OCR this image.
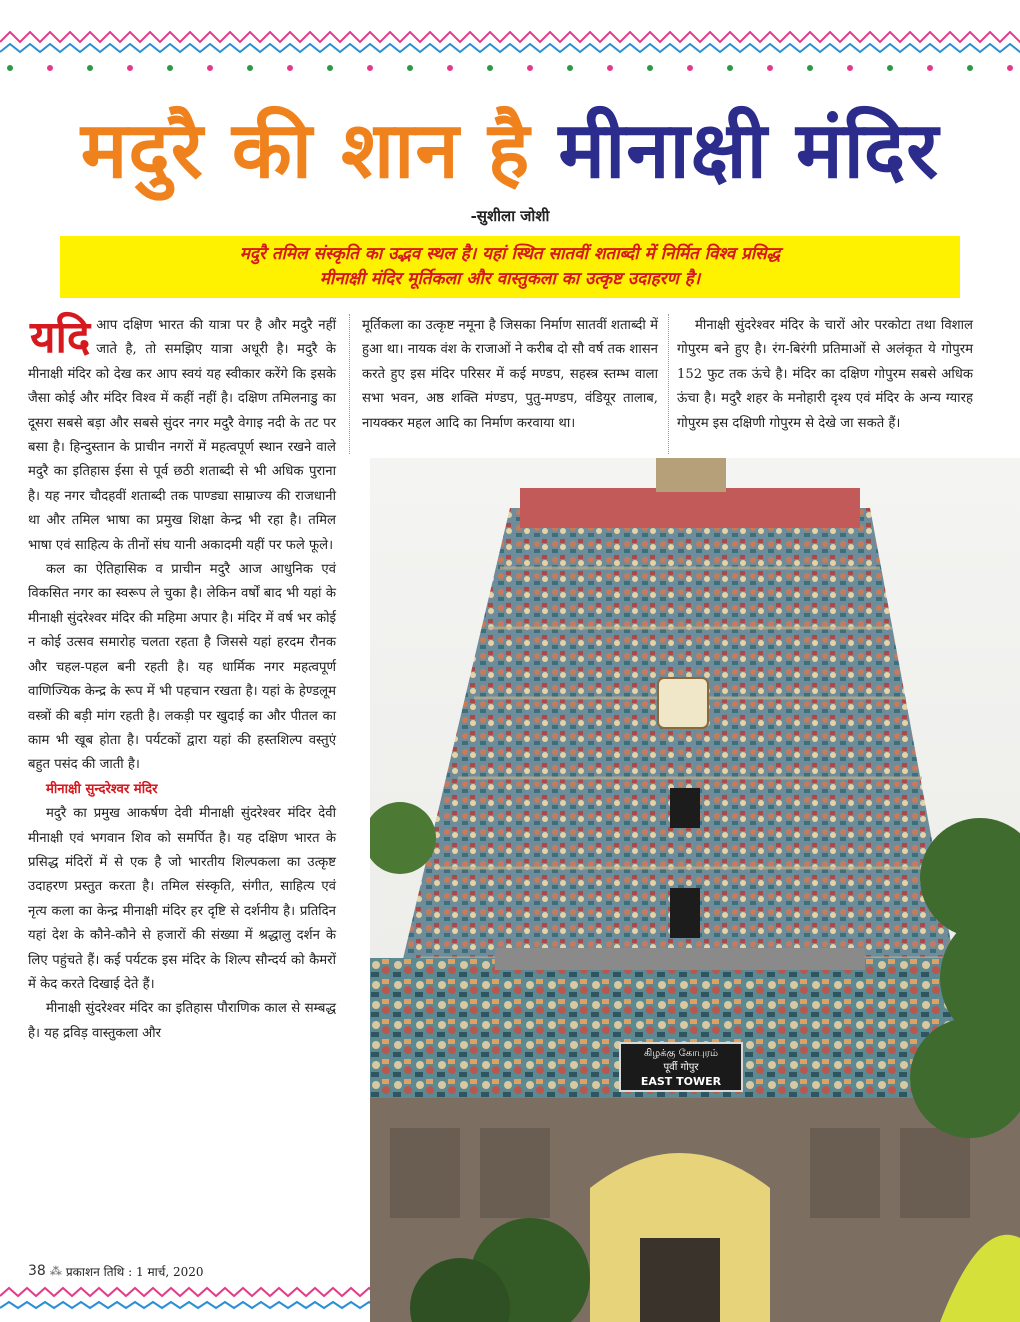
मदुरै की शान है मीनाक्षी मंदिर
-सुशीला जोशी
मदुरै तमिल संस्कृति का उद्भव स्थल है। यहां स्थित सातवीं शताब्दी में निर्मित विश्व प्रसिद्ध
मीनाक्षी मंदिर मूर्तिकला और वास्तुकला का उत्कृष्ट उदाहरण है।

यदि आप दक्षिण भारत की यात्रा पर है और मदुरै नहीं जाते है, तो समझिए यात्रा अधूरी है। मदुरै के मीनाक्षी मंदिर को देख कर आप स्वयं यह स्वीकार करेंगे कि इसके जैसा कोई और मंदिर विश्व में कहीं नहीं है। दक्षिण तमिलनाडु का दूसरा सबसे बड़ा और सबसे सुंदर नगर मदुरै वेगाइ नदी के तट पर बसा है। हिन्दुस्तान के प्राचीन नगरों में महत्वपूर्ण स्थान रखने वाले मदुरै का इतिहास ईसा से पूर्व छठी शताब्दी से भी अधिक पुराना है। यह नगर चौदहवीं शताब्दी तक पाण्ड्या साम्राज्य की राजधानी था और तमिल भाषा का प्रमुख शिक्षा केन्द्र भी रहा है। तमिल भाषा एवं साहित्य के तीनों संघ यानी अकादमी यहीं पर फले फूले।

कल का ऐतिहासिक व प्राचीन मदुरै आज आधुनिक एवं विकसित नगर का स्वरूप ले चुका है। लेकिन वर्षों बाद भी यहां के मीनाक्षी सुंदरेश्वर मंदिर की महिमा अपार है। मंदिर में वर्ष भर कोई न कोई उत्सव समारोह चलता रहता है जिससे यहां हरदम रौनक और चहल-पहल बनी रहती है। यह धार्मिक नगर महत्वपूर्ण वाणिज्यिक केन्द्र के रूप में भी पहचान रखता है। यहां के हेण्डलूम वस्त्रों की बड़ी मांग रहती है। लकड़ी पर खुदाई का और पीतल का काम भी खूब होता है। पर्यटकों द्वारा यहां की हस्तशिल्प वस्तुएं बहुत पसंद की जाती है।

मीनाक्षी सुन्दरेश्वर मंदिर

मदुरै का प्रमुख आकर्षण देवी मीनाक्षी सुंदरेश्वर मंदिर देवी मीनाक्षी एवं भगवान शिव को समर्पित है। यह दक्षिण भारत के प्रसिद्ध मंदिरों में से एक है जो भारतीय शिल्पकला का उत्कृष्ट उदाहरण प्रस्तुत करता है। तमिल संस्कृति, संगीत, साहित्य एवं नृत्य कला का केन्द्र मीनाक्षी मंदिर हर दृष्टि से दर्शनीय है। प्रतिदिन यहां देश के कौने-कौने से हजारों की संख्या में श्रद्धालु दर्शन के लिए पहुंचते हैं। कई पर्यटक इस मंदिर के शिल्प सौन्दर्य को कैमरों में केद करते दिखाई देते हैं।

मीनाक्षी सुंदरेश्वर मंदिर का इतिहास पौराणिक काल से सम्बद्ध है। यह द्रविड़ वास्तुकला और

मूर्तिकला का उत्कृष्ट नमूना है जिसका निर्माण सातवीं शताब्दी में हुआ था। नायक वंश के राजाओं ने करीब दो सौ वर्ष तक शासन करते हुए इस मंदिर परिसर में कई मण्डप, सहस्त्र स्तम्भ वाला सभा भवन, अष्ठ शक्ति मंण्डप, पुतु-मण्डप, वंडियूर तालाब, नायक्कर महल आदि का निर्माण करवाया था।

मीनाक्षी सुंदरेश्वर मंदिर के चारों ओर परकोटा तथा विशाल गोपुरम बने हुए है। रंग-बिरंगी प्रतिमाओं से अलंकृत ये गोपुरम 152 फुट तक ऊंचे है। मंदिर का दक्षिण गोपुरम सबसे अधिक ऊंचा है। मदुरै शहर के मनोहारी दृश्य एवं मंदिर के अन्य ग्यारह गोपुरम इस दक्षिणी गोपुरम से देखे जा सकते हैं।

கிழக்கு கோபுரம்
पूर्वी गोपुर
EAST TOWER
38 ⁂ प्रकाशन तिथि : 1 मार्च, 2020
